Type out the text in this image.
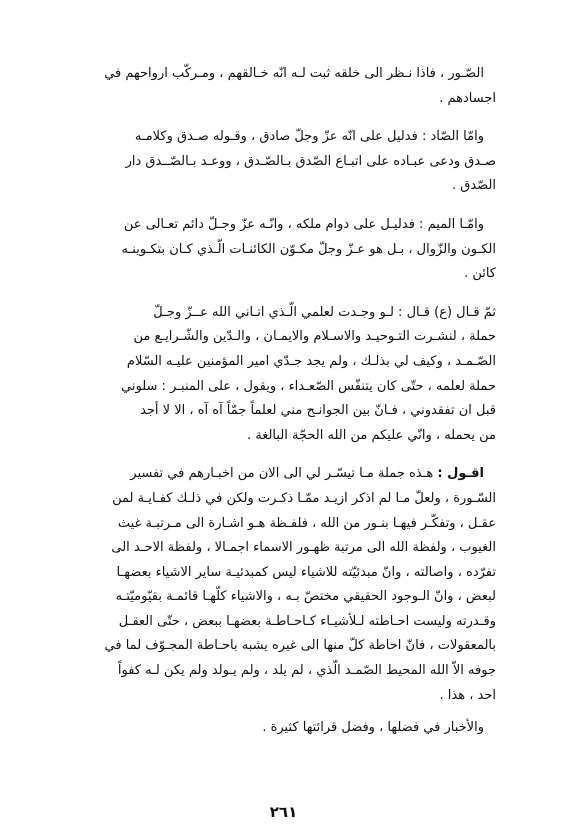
الصّـور ، فاذا نـظر الى خلقه ثبت لـه انّه خـالقهم ، ومـركّب ارواحهم في
اجسادهم .

وامّا الصّاد : فدليل على انّه عزّ وجلّ صادق ، وقـوله صـدق وكلامـه
صـدق ودعى عبـاده على اتبـاع الصّدق بـالصّـدق ، ووعـد بـالصّــدق دار
الصّدق .

وامّـا الميم : فدليـل على دوام ملكه ، وانّـه عزّ وجـلّ دائم تعـالى عن
الكـون والزّوال ، بـل هو عـزّ وجلّ مكـوّن الكائنـات الّـذي كـان بتكـوينـه
كائن .

ثمّ قـال (ع) قـال : لـو وجـدت لعلمي الّـذي اتـاني الله عــزّ وجـلّ
حملة ، لنشـرت التـوحيـد والاسـلام والايمـان ، والـدّين والشّـرايـع من
الصّـمـد ، وكيف لي بذلـك ، ولم يجد جـدّي امير المؤمنين عليـه السّلام
حملة لعلمه ، حتّى كان يتنفّس الصّعـداء ، ويقول ، على المنبـر : سلوني
قبل ان تفقدوني ، فـانّ بين الجوانـح مني لعلماً جمّاً آه آه ، الا لا أجد
من يحمله ، وانّي عليكم من الله الحجّة البالغة .

اقـول : هـذه جملة مـا تيسّـر لي الى الان من اخبـارهم في تفسير
السّـورة ، ولعلّ مـا لم اذكر ازيـد ممّـا ذكـرت ولكن في ذلـك كفـايـة لمن
عقـل ، وتفكّـر فيهـا بنـور من الله ، فلفـظة هـو اشـارة الى مـرتبـة غيث
الغيوب ، ولفظة الله الى مرتبة ظهـور الاسماء اجمـالا ، ولفظة الاحـد الى
تفرّده ، واصالته ، وانّ مبدئيّته للاشياء ليس كمبدئيـة ساير الاشياء بعضهـا
لبعض ، وانّ الـوجود الحقيقي مختصّ بـه ، والاشياء كلّهـا قائمـة بقيّوميّتـه
وقـدرته وليست احـاطته لـلأشيـاء كـاحـاطـة بعضهـا ببعض ، حتّى العقـل
بالمعقولات ، فانّ احاطة كلّ منها الى غيره يشبه باحـاطة المجـوّف لما في
جوفه الاّ الله المحيط الصّمـد الّذي ، لم يلد ، ولم يـولد ولم يكن لـه كفواً
احد ، هذا .

والأخبار في فضلها ، وفضل قرائتها كثيرة .

٢٦١
